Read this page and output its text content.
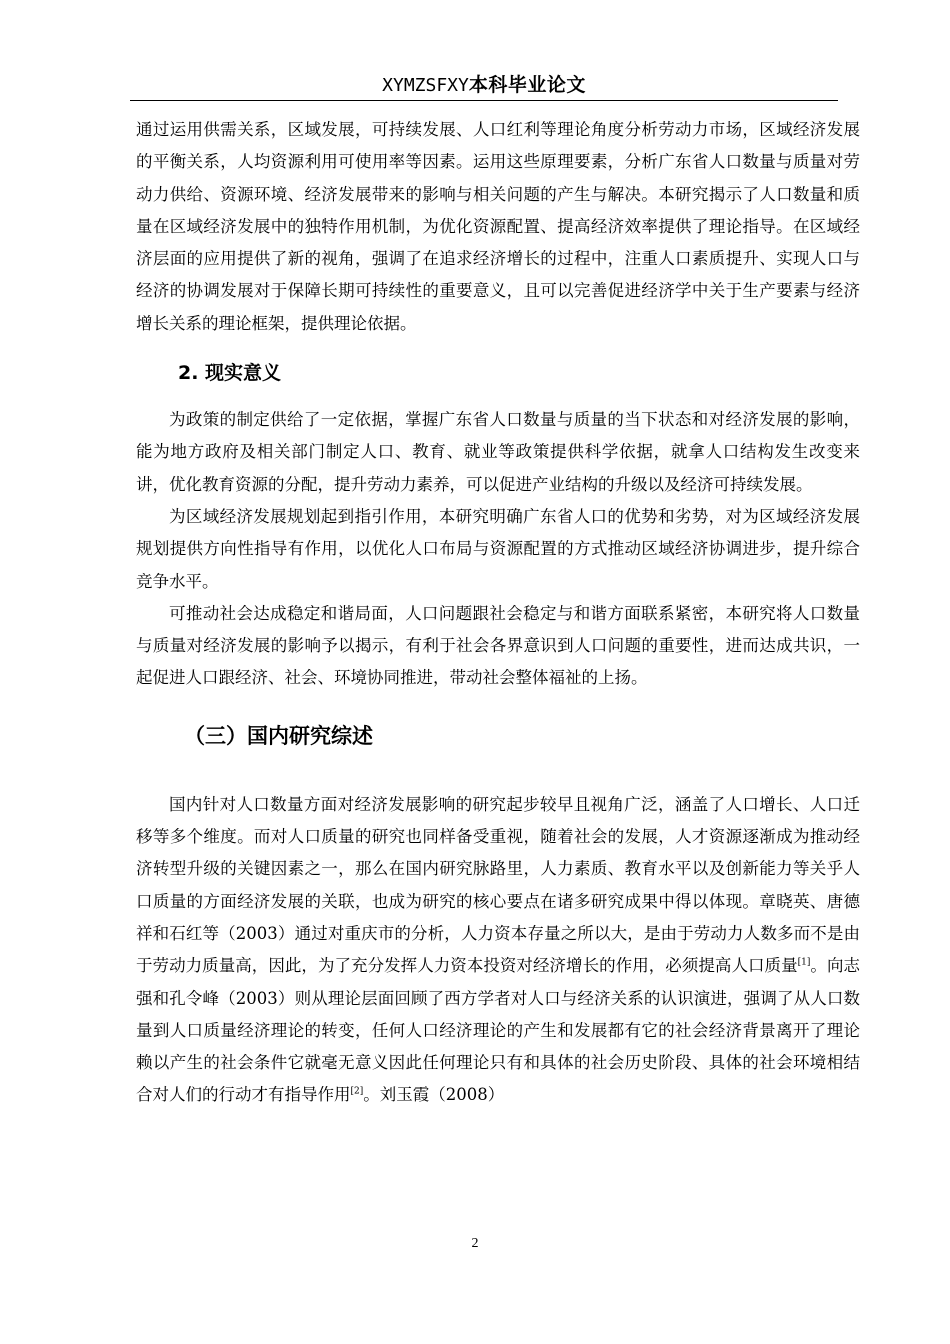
XYMZSFXY本科毕业论文

通过运用供需关系，区域发展，可持续发展、人口红利等理论角度分析劳动力市场，区域经济发展的平衡关系，人均资源利用可使用率等因素。运用这些原理要素，分析广东省人口数量与质量对劳动力供给、资源环境、经济发展带来的影响与相关问题的产生与解决。本研究揭示了人口数量和质量在区域经济发展中的独特作用机制，为优化资源配置、提高经济效率提供了理论指导。在区域经济层面的应用提供了新的视角，强调了在追求经济增长的过程中，注重人口素质提升、实现人口与经济的协调发展对于保障长期可持续性的重要意义，且可以完善促进经济学中关于生产要素与经济增长关系的理论框架，提供理论依据。

2. 现实意义

为政策的制定供给了一定依据，掌握广东省人口数量与质量的当下状态和对经济发展的影响，能为地方政府及相关部门制定人口、教育、就业等政策提供科学依据，就拿人口结构发生改变来讲，优化教育资源的分配，提升劳动力素养，可以促进产业结构的升级以及经济可持续发展。

为区域经济发展规划起到指引作用，本研究明确广东省人口的优势和劣势，对为区域经济发展规划提供方向性指导有作用，以优化人口布局与资源配置的方式推动区域经济协调进步，提升综合竞争水平。

可推动社会达成稳定和谐局面，人口问题跟社会稳定与和谐方面联系紧密，本研究将人口数量与质量对经济发展的影响予以揭示，有利于社会各界意识到人口问题的重要性，进而达成共识，一起促进人口跟经济、社会、环境协同推进，带动社会整体福祉的上扬。

（三）国内研究综述

国内针对人口数量方面对经济发展影响的研究起步较早且视角广泛，涵盖了人口增长、人口迁移等多个维度。而对人口质量的研究也同样备受重视，随着社会的发展，人才资源逐渐成为推动经济转型升级的关键因素之一，那么在国内研究脉路里，人力素质、教育水平以及创新能力等关乎人口质量的方面经济发展的关联，也成为研究的核心要点在诸多研究成果中得以体现。章晓英、唐德祥和石红等（2003）通过对重庆市的分析，人力资本存量之所以大，是由于劳动力人数多而不是由于劳动力质量高，因此，为了充分发挥人力资本投资对经济增长的作用，必须提高人口质量[1]。向志强和孔令峰（2003）则从理论层面回顾了西方学者对人口与经济关系的认识演进，强调了从人口数量到人口质量经济理论的转变，任何人口经济理论的产生和发展都有它的社会经济背景离开了理论赖以产生的社会条件它就毫无意义因此任何理论只有和具体的社会历史阶段、具体的社会环境相结合对人们的行动才有指导作用[2]。刘玉霞（2008）

2
